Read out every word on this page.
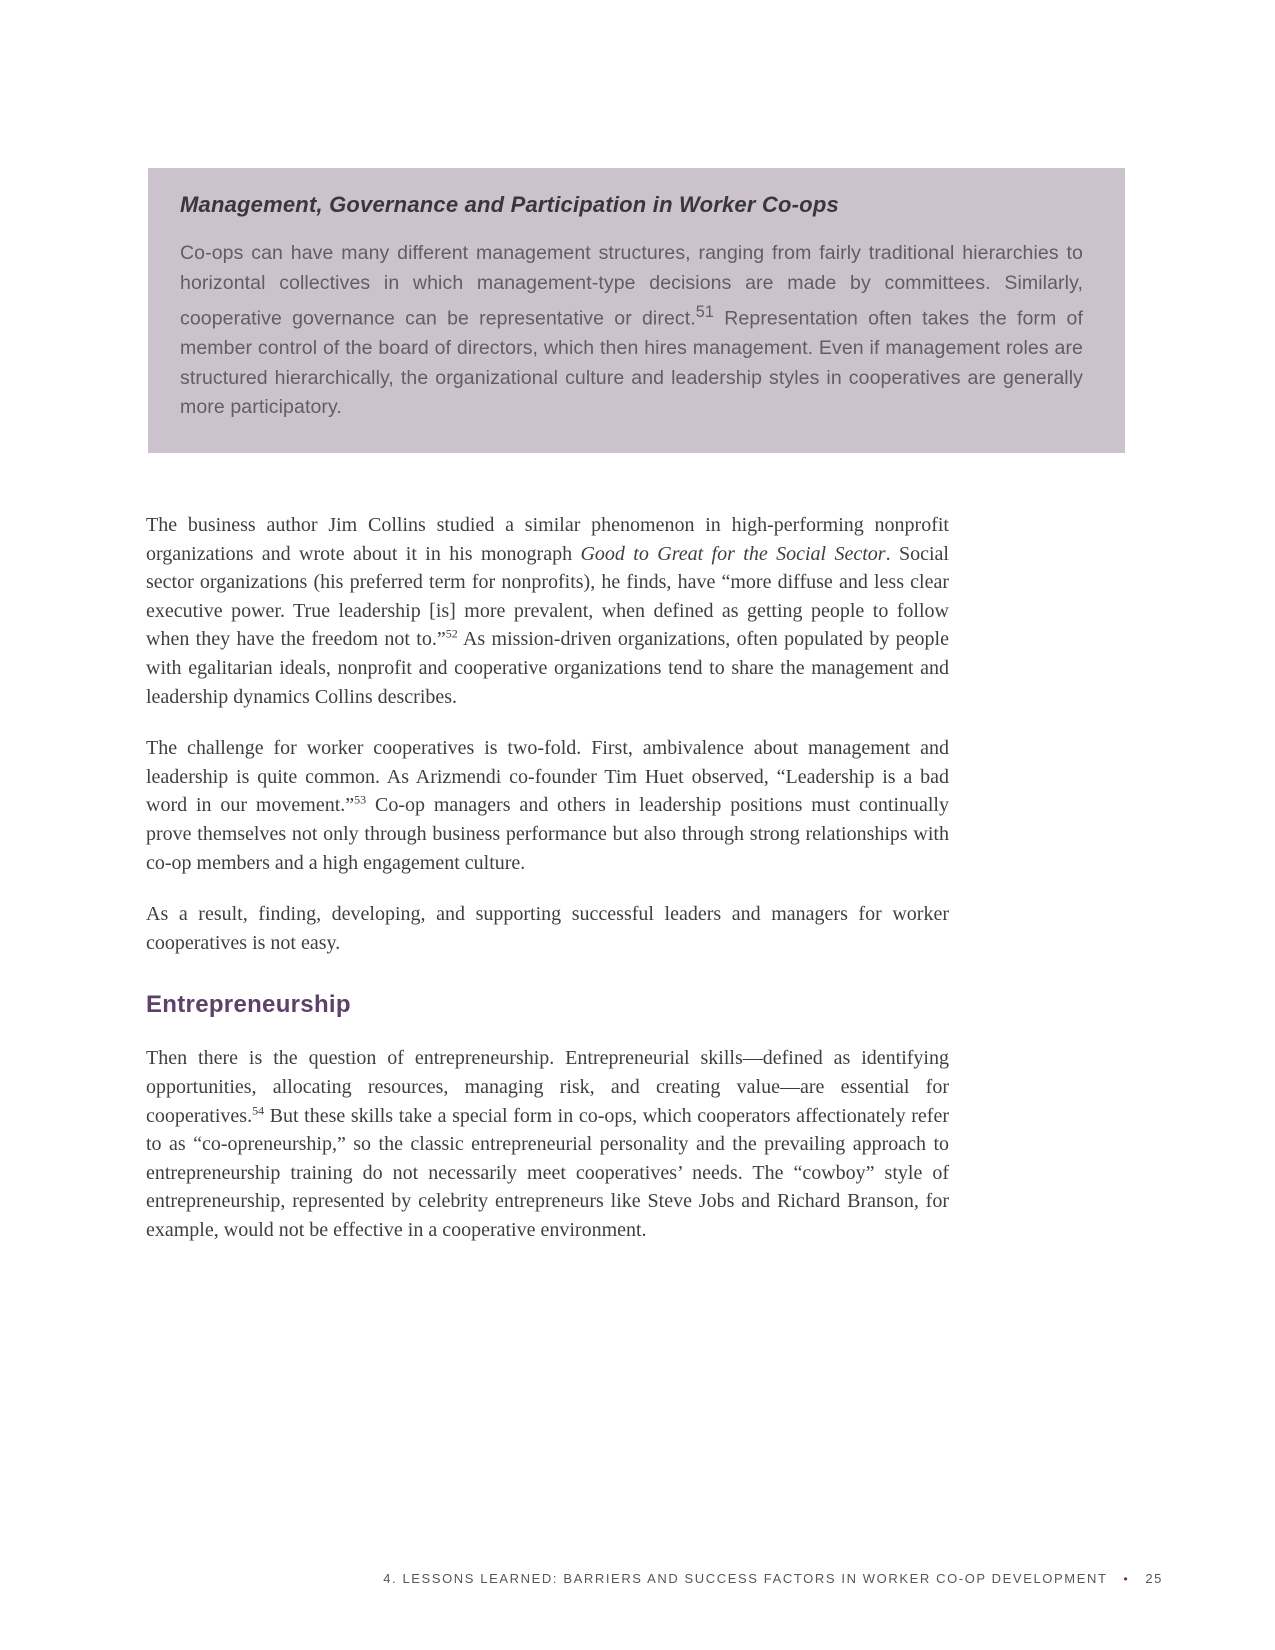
Management, Governance and Participation in Worker Co-ops
Co-ops can have many different management structures, ranging from fairly traditional hierarchies to horizontal collectives in which management-type decisions are made by committees. Similarly, cooperative governance can be representative or direct.$^{51}$ Representation often takes the form of member control of the board of directors, which then hires management. Even if management roles are structured hierarchically, the organizational culture and leadership styles in cooperatives are generally more participatory.

The business author Jim Collins studied a similar phenomenon in high-performing nonprofit organizations and wrote about it in his monograph Good to Great for the Social Sector. Social sector organizations (his preferred term for nonprofits), he finds, have “more diffuse and less clear executive power. True leadership [is] more prevalent, when defined as getting people to follow when they have the freedom not to.”$^{52}$ As mission-driven organizations, often populated by people with egalitarian ideals, nonprofit and cooperative organizations tend to share the management and leadership dynamics Collins describes.

The challenge for worker cooperatives is two-fold. First, ambivalence about management and leadership is quite common. As Arizmendi co-founder Tim Huet observed, “Leadership is a bad word in our movement.”$^{53}$ Co-op managers and others in leadership positions must continually prove themselves not only through business performance but also through strong relationships with co-op members and a high engagement culture.

As a result, finding, developing, and supporting successful leaders and managers for worker cooperatives is not easy.

Entrepreneurship

Then there is the question of entrepreneurship. Entrepreneurial skills—defined as identifying opportunities, allocating resources, managing risk, and creating value—are essential for cooperatives.$^{54}$ But these skills take a special form in co-ops, which cooperators affectionately refer to as “co-opreneurship,” so the classic entrepreneurial personality and the prevailing approach to entrepreneurship training do not necessarily meet cooperatives’ needs. The “cowboy” style of entrepreneurship, represented by celebrity entrepreneurs like Steve Jobs and Richard Branson, for example, would not be effective in a cooperative environment.

4. LESSONS LEARNED: BARRIERS AND SUCCESS FACTORS IN WORKER CO-OP DEVELOPMENT • 25
